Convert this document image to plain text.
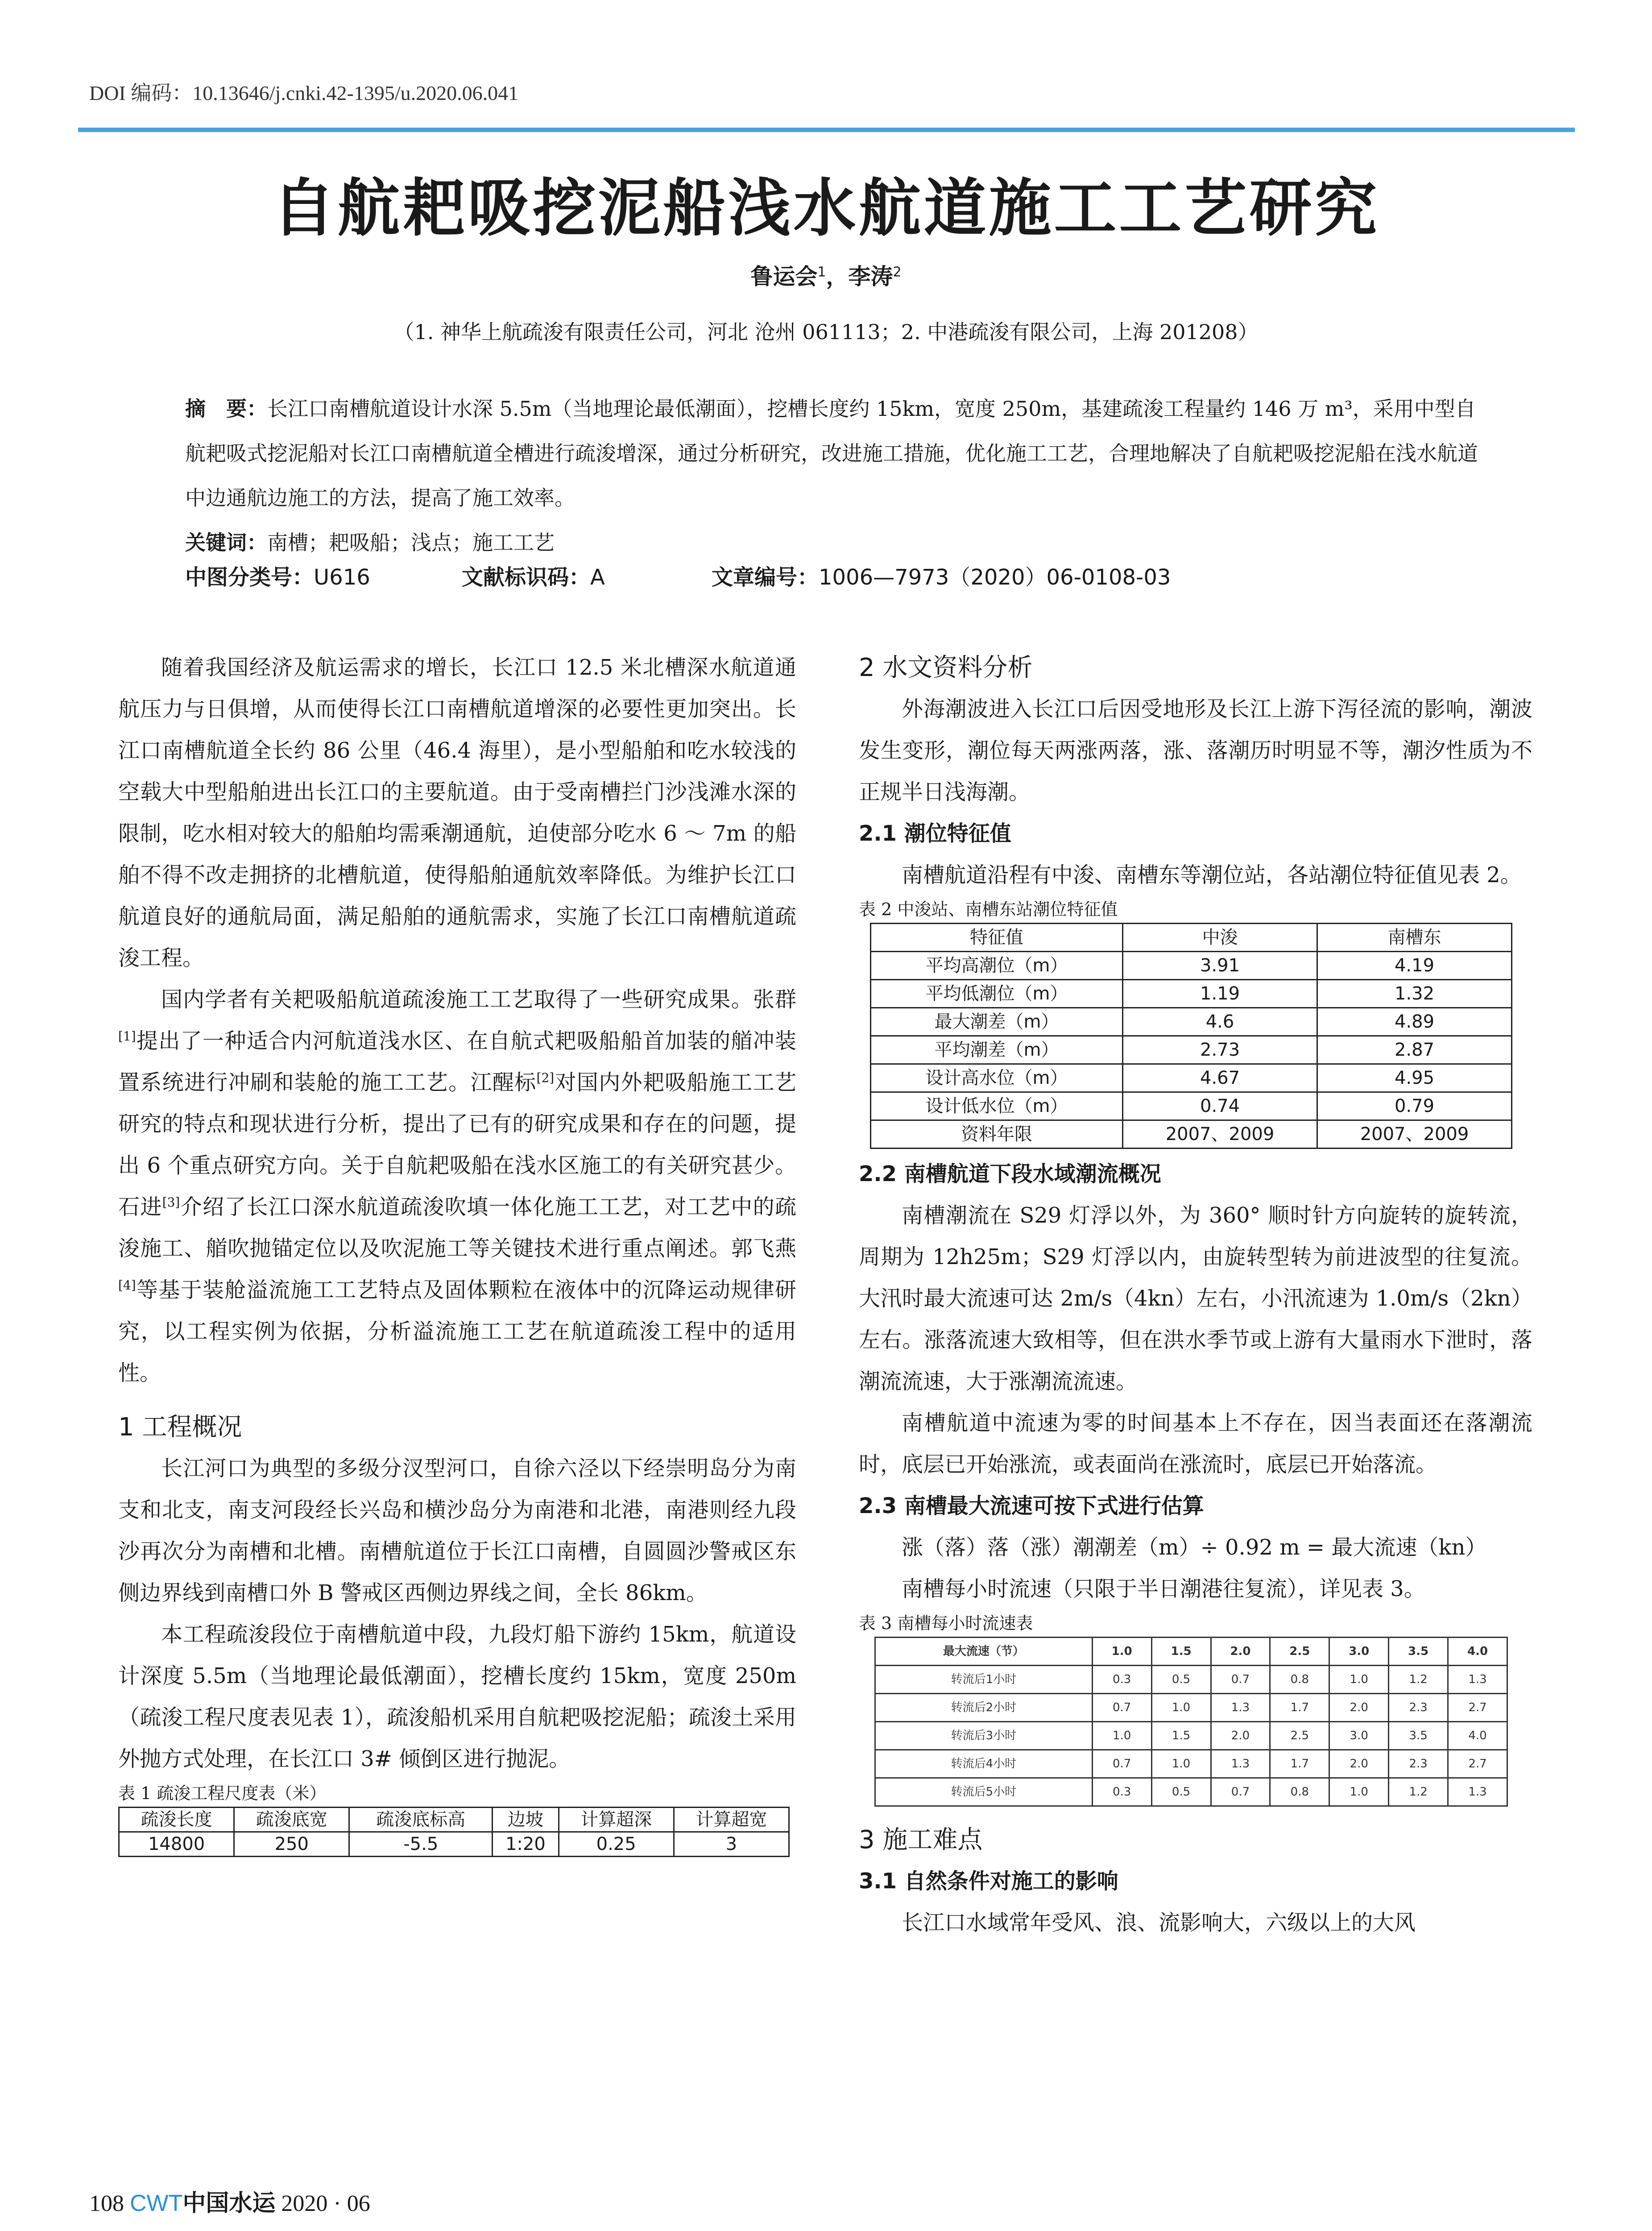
DOI 编码：10.13646/j.cnki.42-1395/u.2020.06.041
自航耙吸挖泥船浅水航道施工工艺研究
鲁运会$^1$，李涛$^2$
（1. 神华上航疏浚有限责任公司，河北 沧州 061113；2. 中港疏浚有限公司，上海 201208）
摘　要：长江口南槽航道设计水深 5.5m（当地理论最低潮面），挖槽长度约 15km，宽度 250m，基建疏浚工程量约 146 万 m³，采用中型自航耙吸式挖泥船对长江口南槽航道全槽进行疏浚增深，通过分析研究，改进施工措施，优化施工工艺，合理地解决了自航耙吸挖泥船在浅水航道中边通航边施工的方法，提高了施工效率。
关键词：南槽；耙吸船；浅点；施工工艺
中图分类号：U616	文献标识码：A	文章编号：1006—7973（2020）06-0108-03

随着我国经济及航运需求的增长，长江口 12.5 米北槽深水航道通航压力与日俱增，从而使得长江口南槽航道增深的必要性更加突出。长江口南槽航道全长约 86 公里（46.4 海里），是小型船舶和吃水较浅的空载大中型船舶进出长江口的主要航道。由于受南槽拦门沙浅滩水深的限制，吃水相对较大的船舶均需乘潮通航，迫使部分吃水 6 ～ 7m 的船舶不得不改走拥挤的北槽航道，使得船舶通航效率降低。为维护长江口航道良好的通航局面，满足船舶的通航需求，实施了长江口南槽航道疏浚工程。

国内学者有关耙吸船航道疏浚施工工艺取得了一些研究成果。张群[1]提出了一种适合内河航道浅水区、在自航式耙吸船船首加装的艏冲装置系统进行冲刷和装舱的施工工艺。江醒标[2]对国内外耙吸船施工工艺研究的特点和现状进行分析，提出了已有的研究成果和存在的问题，提出 6 个重点研究方向。关于自航耙吸船在浅水区施工的有关研究甚少。石进[3]介绍了长江口深水航道疏浚吹填一体化施工工艺，对工艺中的疏浚施工、艏吹抛锚定位以及吹泥施工等关键技术进行重点阐述。郭飞燕[4]等基于装舱溢流施工工艺特点及固体颗粒在液体中的沉降运动规律研究，以工程实例为依据，分析溢流施工工艺在航道疏浚工程中的适用性。

1 工程概况

长江河口为典型的多级分汊型河口，自徐六泾以下经崇明岛分为南支和北支，南支河段经长兴岛和横沙岛分为南港和北港，南港则经九段沙再次分为南槽和北槽。南槽航道位于长江口南槽，自圆圆沙警戒区东侧边界线到南槽口外 B 警戒区西侧边界线之间，全长 86km。

本工程疏浚段位于南槽航道中段，九段灯船下游约 15km，航道设计深度 5.5m（当地理论最低潮面），挖槽长度约 15km，宽度 250m（疏浚工程尺度表见表 1），疏浚船机采用自航耙吸挖泥船；疏浚土采用外抛方式处理，在长江口 3# 倾倒区进行抛泥。

表 1 疏浚工程尺度表（米）

疏浚长度	疏浚底宽	疏浚底标高	边坡	计算超深	计算超宽
14800	250	-5.5	1:20	0.25	3

2 水文资料分析

外海潮波进入长江口后因受地形及长江上游下泻径流的影响，潮波发生变形，潮位每天两涨两落，涨、落潮历时明显不等，潮汐性质为不正规半日浅海潮。

2.1 潮位特征值

南槽航道沿程有中浚、南槽东等潮位站，各站潮位特征值见表 2。

表 2 中浚站、南槽东站潮位特征值

特征值	中浚	南槽东
平均高潮位（m）	3.91	4.19
平均低潮位（m）	1.19	1.32
最大潮差（m）	4.6	4.89
平均潮差（m）	2.73	2.87
设计高水位（m）	4.67	4.95
设计低水位（m）	0.74	0.79
资料年限	2007、2009	2007、2009

2.2 南槽航道下段水域潮流概况

南槽潮流在 S29 灯浮以外，为 360° 顺时针方向旋转的旋转流，周期为 12h25m；S29 灯浮以内，由旋转型转为前进波型的往复流。大汛时最大流速可达 2m/s（4kn）左右，小汛流速为 1.0m/s（2kn）左右。涨落流速大致相等，但在洪水季节或上游有大量雨水下泄时，落潮流流速，大于涨潮流流速。

南槽航道中流速为零的时间基本上不存在，因当表面还在落潮流时，底层已开始涨流，或表面尚在涨流时，底层已开始落流。

2.3 南槽最大流速可按下式进行估算

涨（落）落（涨）潮潮差（m）÷ 0.92 m = 最大流速（kn）

南槽每小时流速（只限于半日潮港往复流），详见表 3。

表 3 南槽每小时流速表

最大流速（节）	1.0	1.5	2.0	2.5	3.0	3.5	4.0
转流后1小时	0.3	0.5	0.7	0.8	1.0	1.2	1.3
转流后2小时	0.7	1.0	1.3	1.7	2.0	2.3	2.7
转流后3小时	1.0	1.5	2.0	2.5	3.0	3.5	4.0
转流后4小时	0.7	1.0	1.3	1.7	2.0	2.3	2.7
转流后5小时	0.3	0.5	0.7	0.8	1.0	1.2	1.3

3 施工难点

3.1 自然条件对施工的影响

长江口水域常年受风、浪、流影响大，六级以上的大风

108 CWT中国水运 2020 · 06
